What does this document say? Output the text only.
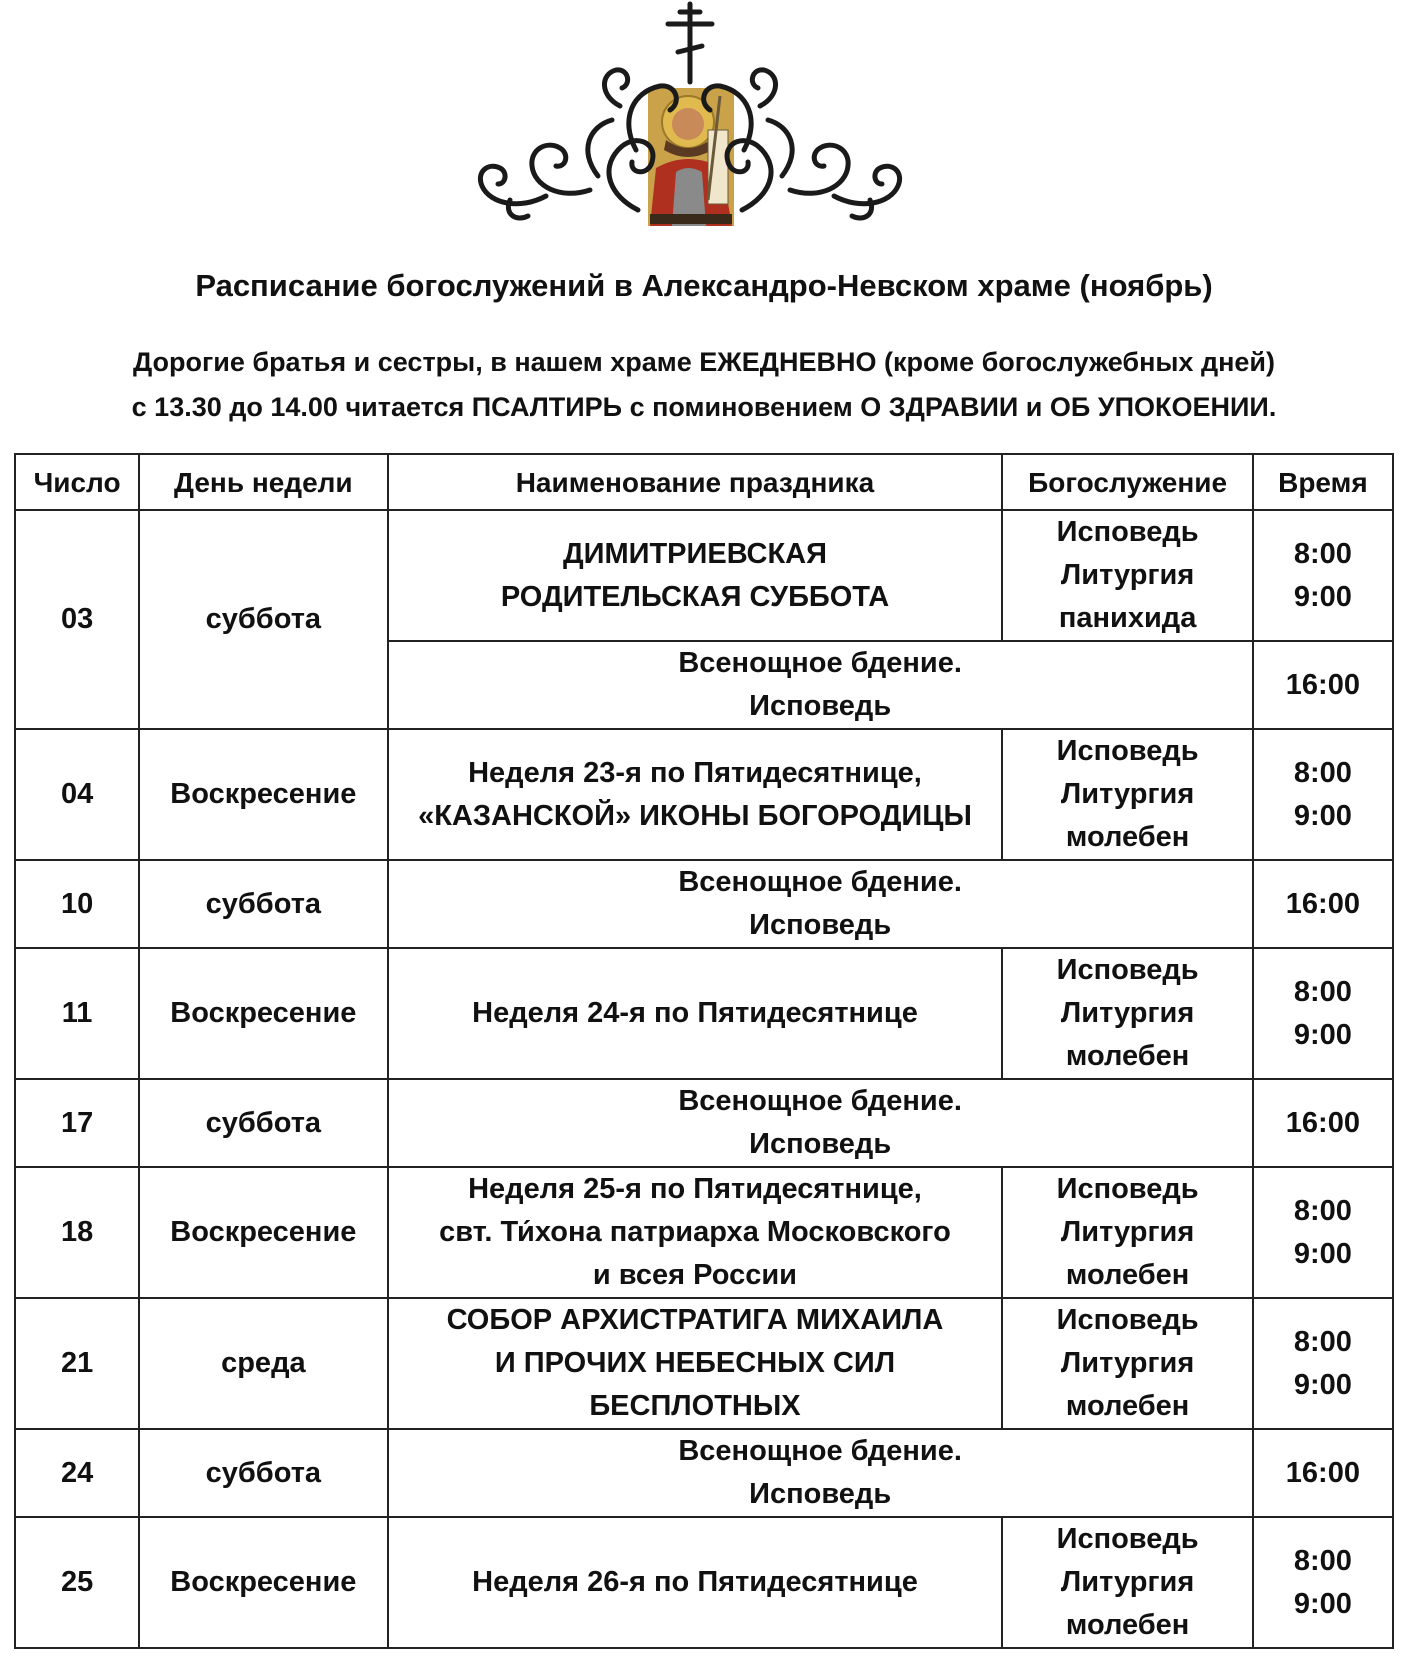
Расписание богослужений в Александро-Невском храме (ноябрь)
Дорогие братья и сестры, в нашем храме ЕЖЕДНЕВНО (кроме богослужебных дней)
с 13.30 до 14.00 читается ПСАЛТИРЬ с поминовением О ЗДРАВИИ и ОБ УПОКОЕНИИ.
Число	День недели	Наименование праздника	Богослужение	Время
03	суббота	ДИМИТРИЕВСКАЯ
РОДИТЕЛЬСКАЯ СУББОТА	Исповедь
Литургия
панихида	8:00
9:00

		Всенощное бдение.
Исповедь		16:00
04	Воскресение	Неделя 23-я по Пятидесятнице,
«КАЗАНСКОЙ» ИКОНЫ БОГОРОДИЦЫ	Исповедь
Литургия
молебен	8:00
9:00

10	суббота	Всенощное бдение.
Исповедь		16:00
11	Воскресение	Неделя 24-я по Пятидесятнице	Исповедь
Литургия
молебен	8:00
9:00

17	суббота	Всенощное бдение.
Исповедь		16:00
18	Воскресение	Неделя 25-я по Пятидесятнице,
свт. Ти́хона патриарха Московского
и всея России	Исповедь
Литургия
молебен	8:00
9:00

21	среда	СОБОР АРХИСТРАТИГА МИХАИЛА
И ПРОЧИХ НЕБЕСНЫХ СИЛ
БЕСПЛОТНЫХ	Исповедь
Литургия
молебен	8:00
9:00

24	суббота	Всенощное бдение.
Исповедь		16:00
25	Воскресение	Неделя 26-я по Пятидесятнице	Исповедь
Литургия
молебен	8:00
9:00
